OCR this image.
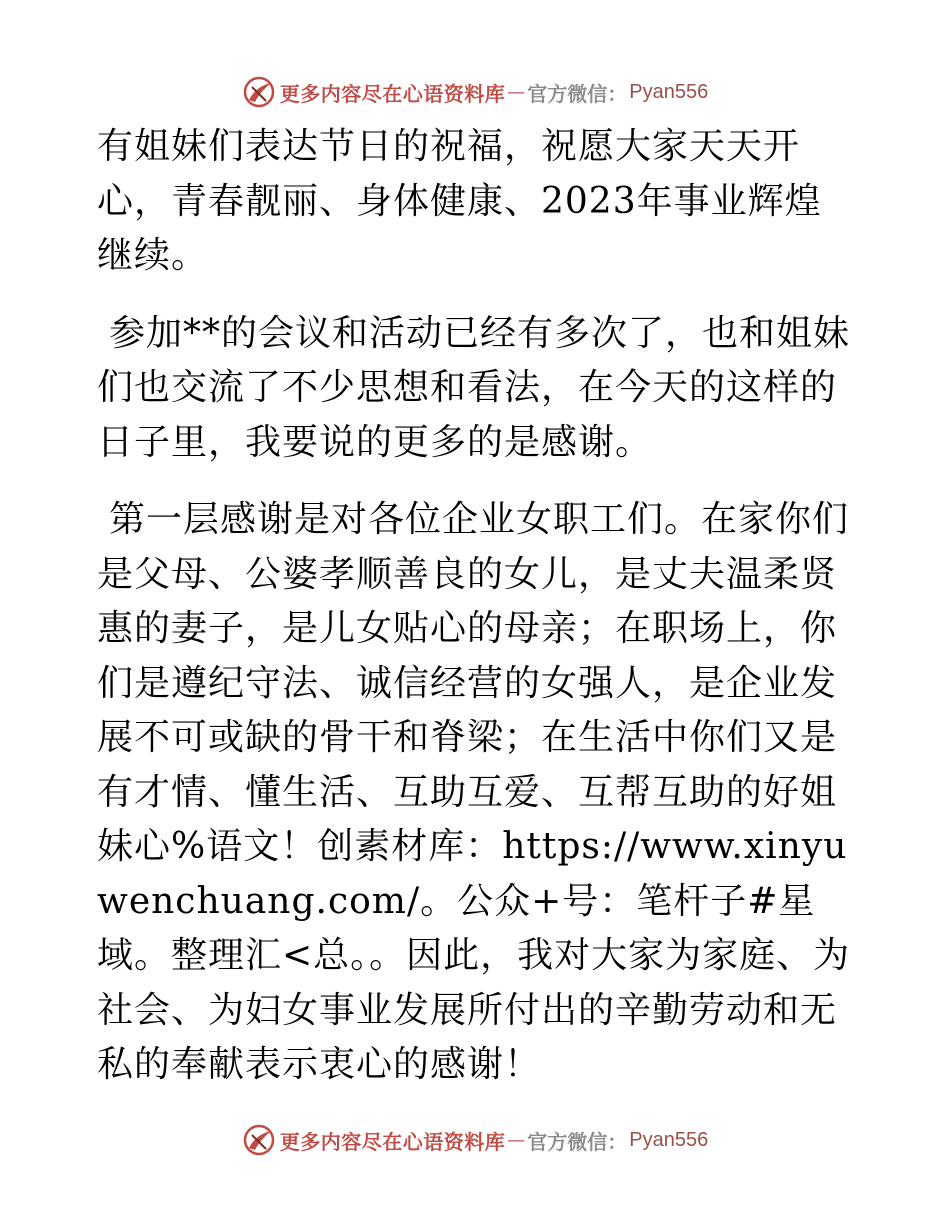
更多内容尽在心语资料库 — 官方微信： Pyan556

有姐妹们表达节日的祝福，祝愿大家天天开心，青春靓丽、身体健康、2023年事业辉煌继续。

参加**的会议和活动已经有多次了，也和姐妹们也交流了不少思想和看法，在今天的这样的日子里，我要说的更多的是感谢。

第一层感谢是对各位企业女职工们。在家你们是父母、公婆孝顺善良的女儿，是丈夫温柔贤惠的妻子，是儿女贴心的母亲；在职场上，你们是遵纪守法、诚信经营的女强人，是企业发展不可或缺的骨干和脊梁；在生活中你们又是有才情、懂生活、互助互爱、互帮互助的好姐妹心%语文！创素材库：https://www.xinyuwenchuang.com/。公众+号：笔杆子#星域。整理汇<总。。因此，我对大家为家庭、为社会、为妇女事业发展所付出的辛勤劳动和无私的奉献表示衷心的感谢！

更多内容尽在心语资料库 — 官方微信： Pyan556
